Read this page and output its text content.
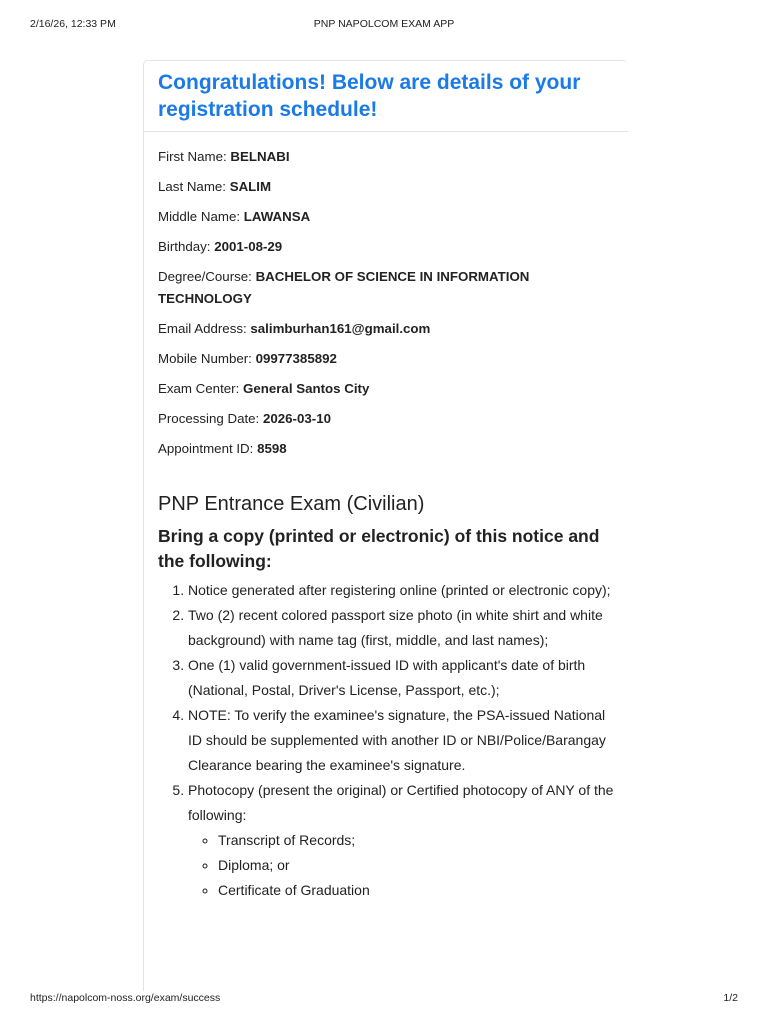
2/16/26, 12:33 PM	PNP NAPOLCOM EXAM APP
Congratulations! Below are details of your registration schedule!

First Name: BELNABI

Last Name: SALIM

Middle Name: LAWANSA

Birthday: 2001-08-29

Degree/Course: BACHELOR OF SCIENCE IN INFORMATION TECHNOLOGY

Email Address: salimburhan161@gmail.com

Mobile Number: 09977385892

Exam Center: General Santos City

Processing Date: 2026-03-10

Appointment ID: 8598

PNP Entrance Exam (Civilian)
Bring a copy (printed or electronic) of this notice and the following:
1. Notice generated after registering online (printed or electronic copy);
2. Two (2) recent colored passport size photo (in white shirt and white background) with name tag (first, middle, and last names);
3. One (1) valid government-issued ID with applicant's date of birth (National, Postal, Driver's License, Passport, etc.);
4. NOTE: To verify the examinee's signature, the PSA-issued National ID should be supplemented with another ID or NBI/Police/Barangay Clearance bearing the examinee's signature.
5. Photocopy (present the original) or Certified photocopy of ANY of the following:
◦ Transcript of Records;
◦ Diploma; or
◦ Certificate of Graduation
https://napolcom-noss.org/exam/success	1/2
